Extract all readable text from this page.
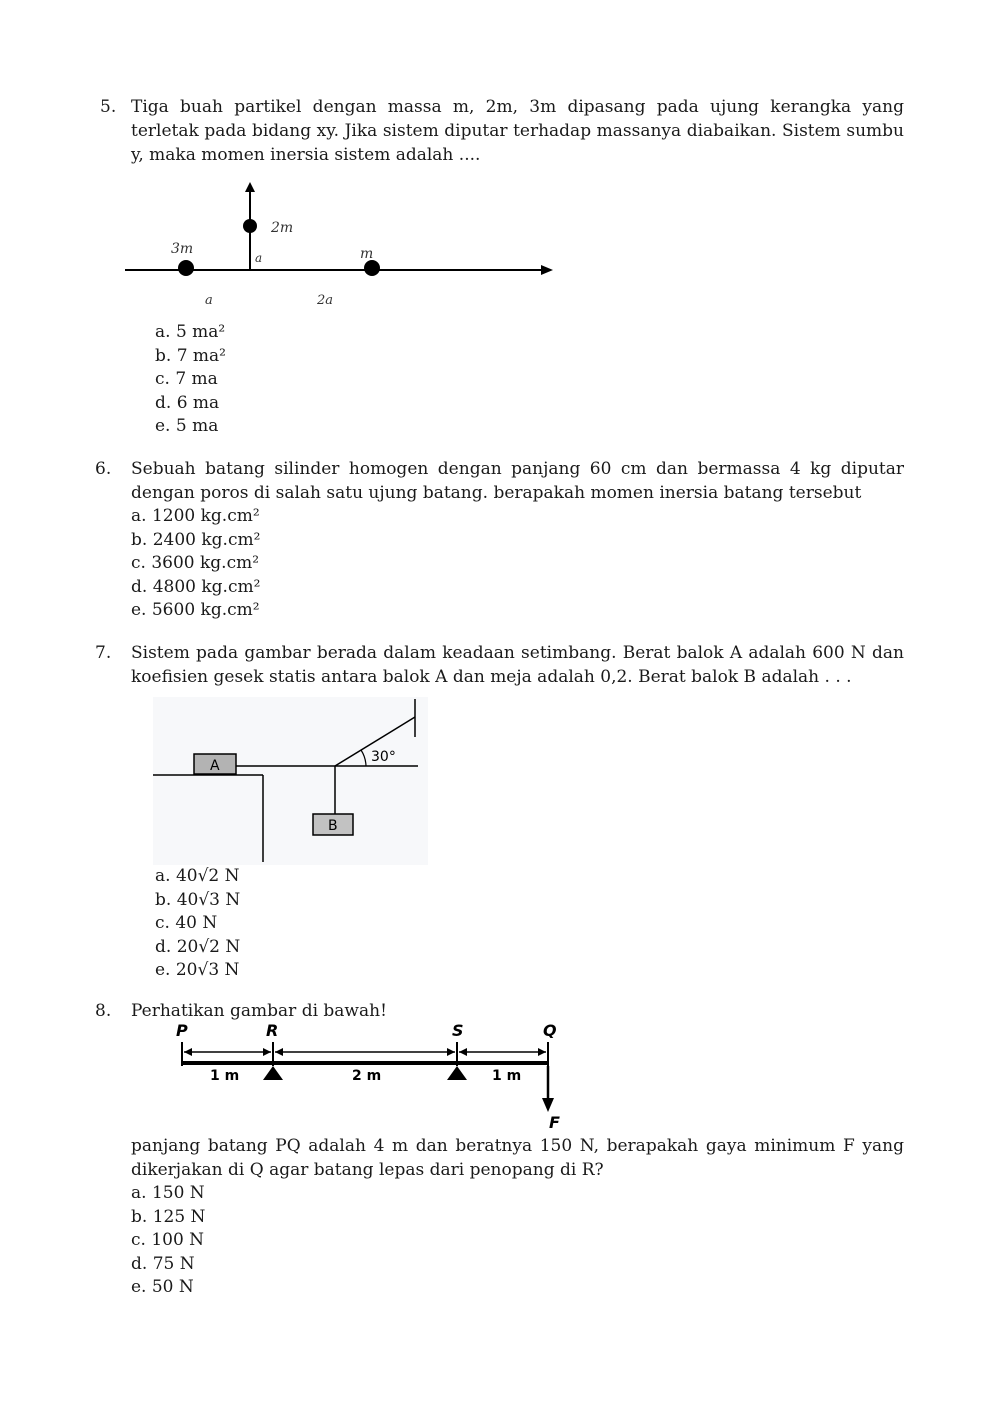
5. Tiga buah partikel dengan massa m, 2m, 3m dipasang pada ujung kerangka yang terletak pada bidang xy. Jika sistem diputar terhadap massanya diabaikan. Sistem sumbu y, maka momen inersia sistem adalah ....
2m
3m
a	m
a	2a
a. 5 ma²
b. 7 ma²
c. 7 ma
d. 6 ma
e. 5 ma
6.	Sebuah batang silinder homogen dengan panjang 60 cm dan bermassa 4 kg diputar dengan poros di salah satu ujung batang. berapakah momen inersia batang tersebut
a. 1200 kg.cm²
b. 2400 kg.cm²
c. 3600 kg.cm²
d. 4800 kg.cm²
e. 5600 kg.cm²
7.	Sistem pada gambar berada dalam keadaan setimbang. Berat balok A adalah 600 N dan koefisien gesek statis antara balok A dan meja adalah 0,2. Berat balok B adalah . . .
A
30°
B
a. 40√2 N
b. 40√3 N
c. 40 N
d. 20√2 N
e. 20√3 N
8.	Perhatikan gambar di bawah!
P	R	S	Q
1 m	2 m	1 m
F
panjang batang PQ adalah 4 m dan beratnya 150 N, berapakah gaya minimum F yang dikerjakan di Q agar batang lepas dari penopang di R?
a. 150 N
b. 125 N
c. 100 N
d. 75 N
e. 50 N
